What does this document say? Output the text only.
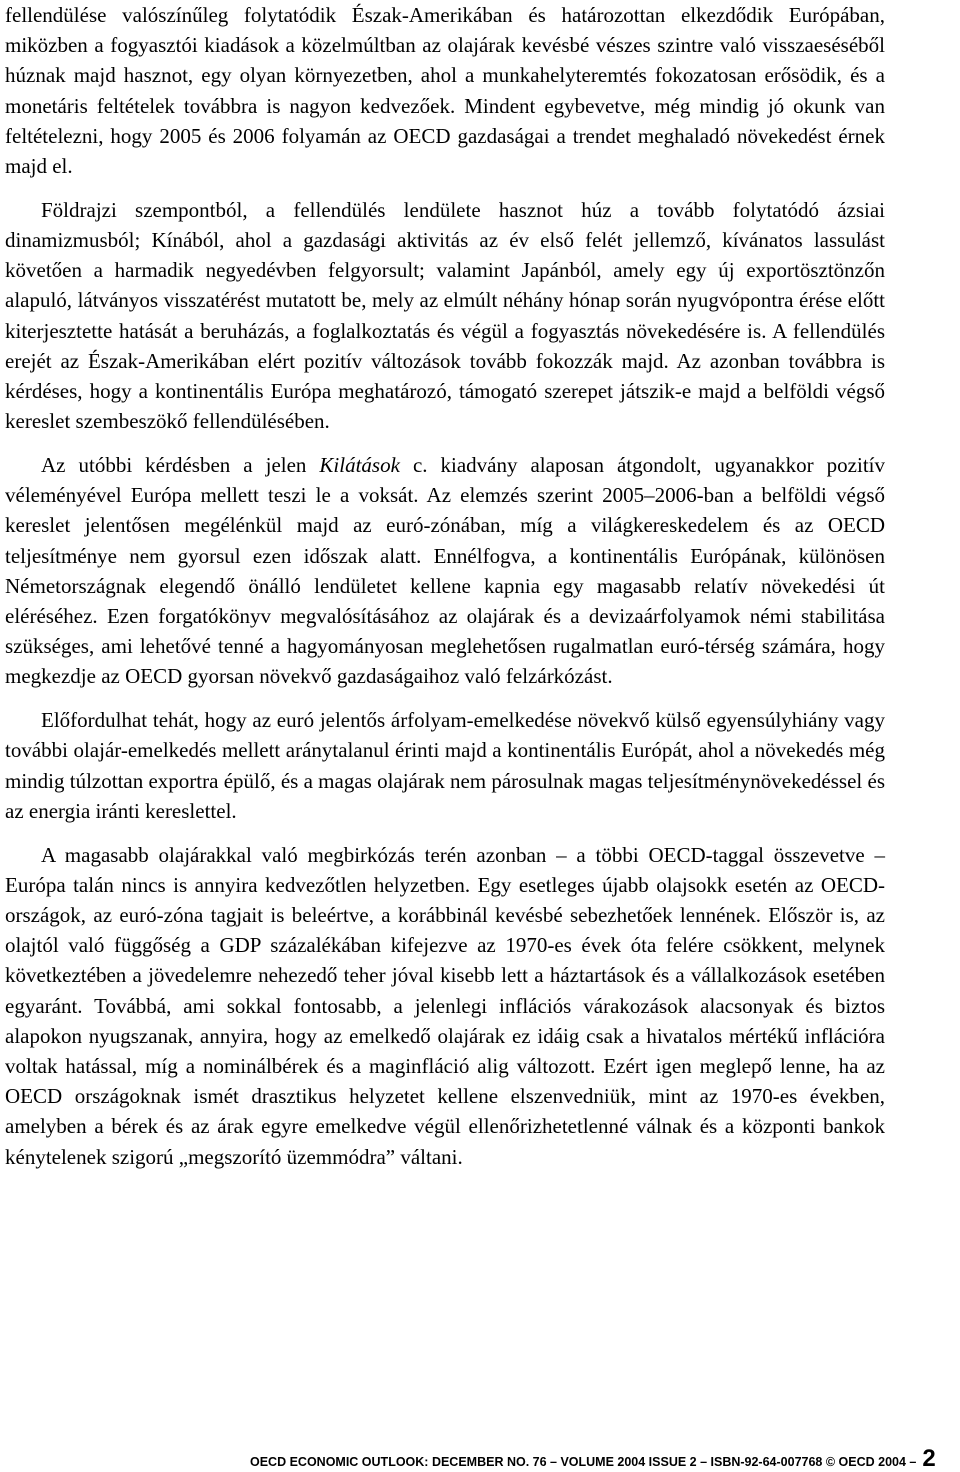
fellendülése valószínűleg folytatódik Észak-Amerikában és határozottan elkezdődik Európában, miközben a fogyasztói kiadások a közelmúltban az olajárak kevésbé vészes szintre való visszaeséséből húznak majd hasznot, egy olyan környezetben, ahol a munkahelyteremtés fokozatosan erősödik, és a monetáris feltételek továbbra is nagyon kedvezőek. Mindent egybevetve, még mindig jó okunk van feltételezni, hogy 2005 és 2006 folyamán az OECD gazdaságai a trendet meghaladó növekedést érnek majd el.

Földrajzi szempontból, a fellendülés lendülete hasznot húz a tovább folytatódó ázsiai dinamizmusból; Kínából, ahol a gazdasági aktivitás az év első felét jellemző, kívánatos lassulást követően a harmadik negyedévben felgyorsult; valamint Japánból, amely egy új exportösztönzőn alapuló, látványos visszatérést mutatott be, mely az elmúlt néhány hónap során nyugvópontra érése előtt kiterjesztette hatását a beruházás, a foglalkoztatás és végül a fogyasztás növekedésére is. A fellendülés erejét az Észak-Amerikában elért pozitív változások tovább fokozzák majd. Az azonban továbbra is kérdéses, hogy a kontinentális Európa meghatározó, támogató szerepet játszik-e majd a belföldi végső kereslet szembeszökő fellendülésében.

Az utóbbi kérdésben a jelen Kilátások c. kiadvány alaposan átgondolt, ugyanakkor pozitív véleményével Európa mellett teszi le a voksát. Az elemzés szerint 2005–2006-ban a belföldi végső kereslet jelentősen megélénkül majd az euró-zónában, míg a világkereskedelem és az OECD teljesítménye nem gyorsul ezen időszak alatt. Ennélfogva, a kontinentális Európának, különösen Németországnak elegendő önálló lendületet kellene kapnia egy magasabb relatív növekedési út eléréséhez. Ezen forgatókönyv megvalósításához az olajárak és a devizaárfolyamok némi stabilitása szükséges, ami lehetővé tenné a hagyományosan meglehetősen rugalmatlan euró-térség számára, hogy megkezdje az OECD gyorsan növekvő gazdaságaihoz való felzárkózást.

Előfordulhat tehát, hogy az euró jelentős árfolyam-emelkedése növekvő külső egyensúlyhiány vagy további olajár-emelkedés mellett aránytalanul érinti majd a kontinentális Európát, ahol a növekedés még mindig túlzottan exportra épülő, és a magas olajárak nem párosulnak magas teljesítménynövekedéssel és az energia iránti kereslettel.

A magasabb olajárakkal való megbirkózás terén azonban – a többi OECD-taggal összevetve – Európa talán nincs is annyira kedvezőtlen helyzetben. Egy esetleges újabb olajsokk esetén az OECD-országok, az euró-zóna tagjait is beleértve, a korábbinál kevésbé sebezhetőek lennének. Először is, az olajtól való függőség a GDP százalékában kifejezve az 1970-es évek óta felére csökkent, melynek következtében a jövedelemre nehezedő teher jóval kisebb lett a háztartások és a vállalkozások esetében egyaránt. Továbbá, ami sokkal fontosabb, a jelenlegi inflációs várakozások alacsonyak és biztos alapokon nyugszanak, annyira, hogy az emelkedő olajárak ez idáig csak a hivatalos mértékű inflációra voltak hatással, míg a nominálbérek és a maginfláció alig változott. Ezért igen meglepő lenne, ha az OECD országoknak ismét drasztikus helyzetet kellene elszenvedniük, mint az 1970-es években, amelyben a bérek és az árak egyre emelkedve végül ellenőrizhetetlenné válnak és a központi bankok kénytelenek szigorú „megszorító üzemmódra” váltani.

OECD ECONOMIC OUTLOOK: DECEMBER NO. 76 – VOLUME 2004 ISSUE 2 – ISBN-92-64-007768 © OECD 2004 – 2
